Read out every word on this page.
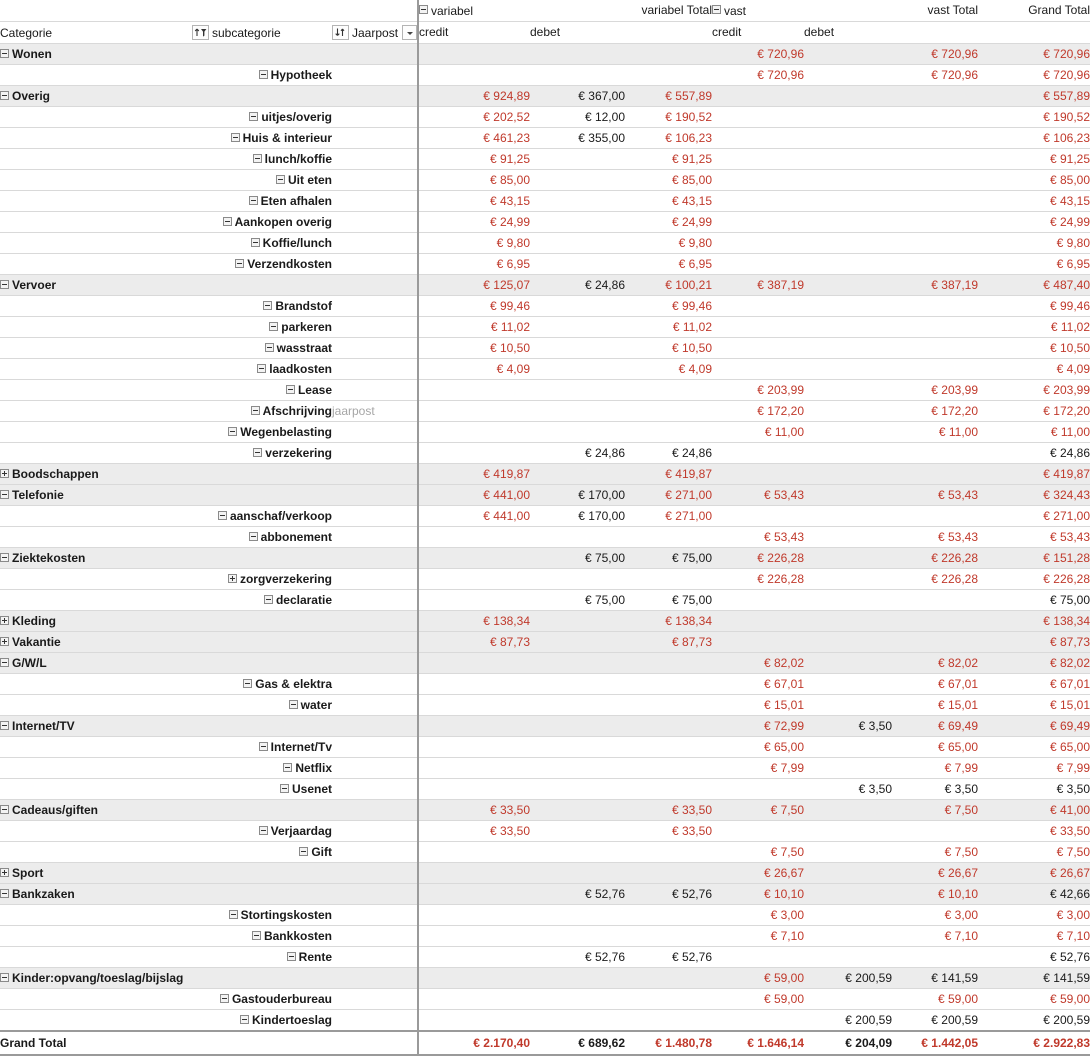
			variabel		variabel Total	vast		vast Total	Grand Total
Categorie	subcategorie	Jaarpost	credit	debet		credit	debet		
Wonen						€ 720,96		€ 720,96	€ 720,96
	Hypotheek					€ 720,96		€ 720,96	€ 720,96
Overig			€ 924,89	€ 367,00	€ 557,89				€ 557,89
	uitjes/overig		€ 202,52	€ 12,00	€ 190,52				€ 190,52
	Huis & interieur		€ 461,23	€ 355,00	€ 106,23				€ 106,23
	lunch/koffie		€ 91,25		€ 91,25				€ 91,25
	Uit eten		€ 85,00		€ 85,00				€ 85,00
	Eten afhalen		€ 43,15		€ 43,15				€ 43,15
	Aankopen overig		€ 24,99		€ 24,99				€ 24,99
	Koffie/lunch		€ 9,80		€ 9,80				€ 9,80
	Verzendkosten		€ 6,95		€ 6,95				€ 6,95
Vervoer			€ 125,07	€ 24,86	€ 100,21	€ 387,19		€ 387,19	€ 487,40
	Brandstof		€ 99,46		€ 99,46				€ 99,46
	parkeren		€ 11,02		€ 11,02				€ 11,02
	wasstraat		€ 10,50		€ 10,50				€ 10,50
	laadkosten		€ 4,09		€ 4,09				€ 4,09
	Lease					€ 203,99		€ 203,99	€ 203,99
	Afschrijving	jaarpost				€ 172,20		€ 172,20	€ 172,20
	Wegenbelasting					€ 11,00		€ 11,00	€ 11,00
	verzekering			€ 24,86	€ 24,86				€ 24,86
Boodschappen			€ 419,87		€ 419,87				€ 419,87
Telefonie			€ 441,00	€ 170,00	€ 271,00	€ 53,43		€ 53,43	€ 324,43
	aanschaf/verkoop		€ 441,00	€ 170,00	€ 271,00				€ 271,00
	abbonement					€ 53,43		€ 53,43	€ 53,43
Ziektekosten				€ 75,00	€ 75,00	€ 226,28		€ 226,28	€ 151,28
	zorgverzekering					€ 226,28		€ 226,28	€ 226,28
	declaratie			€ 75,00	€ 75,00				€ 75,00
Kleding			€ 138,34		€ 138,34				€ 138,34
Vakantie			€ 87,73		€ 87,73				€ 87,73
G/W/L						€ 82,02		€ 82,02	€ 82,02
	Gas & elektra					€ 67,01		€ 67,01	€ 67,01
	water					€ 15,01		€ 15,01	€ 15,01
Internet/TV						€ 72,99	€ 3,50	€ 69,49	€ 69,49
	Internet/Tv					€ 65,00		€ 65,00	€ 65,00
	Netflix					€ 7,99		€ 7,99	€ 7,99
	Usenet						€ 3,50	€ 3,50	€ 3,50
Cadeaus/giften			€ 33,50		€ 33,50	€ 7,50		€ 7,50	€ 41,00
	Verjaardag		€ 33,50		€ 33,50				€ 33,50
	Gift					€ 7,50		€ 7,50	€ 7,50
Sport						€ 26,67		€ 26,67	€ 26,67
Bankzaken				€ 52,76	€ 52,76	€ 10,10		€ 10,10	€ 42,66
	Stortingskosten					€ 3,00		€ 3,00	€ 3,00
	Bankkosten					€ 7,10		€ 7,10	€ 7,10
	Rente			€ 52,76	€ 52,76				€ 52,76
Kinder:opvang/toeslag/bijslag						€ 59,00	€ 200,59	€ 141,59	€ 141,59
	Gastouderbureau					€ 59,00		€ 59,00	€ 59,00
	Kindertoeslag						€ 200,59	€ 200,59	€ 200,59
Grand Total			€ 2.170,40	€ 689,62	€ 1.480,78	€ 1.646,14	€ 204,09	€ 1.442,05	€ 2.922,83
